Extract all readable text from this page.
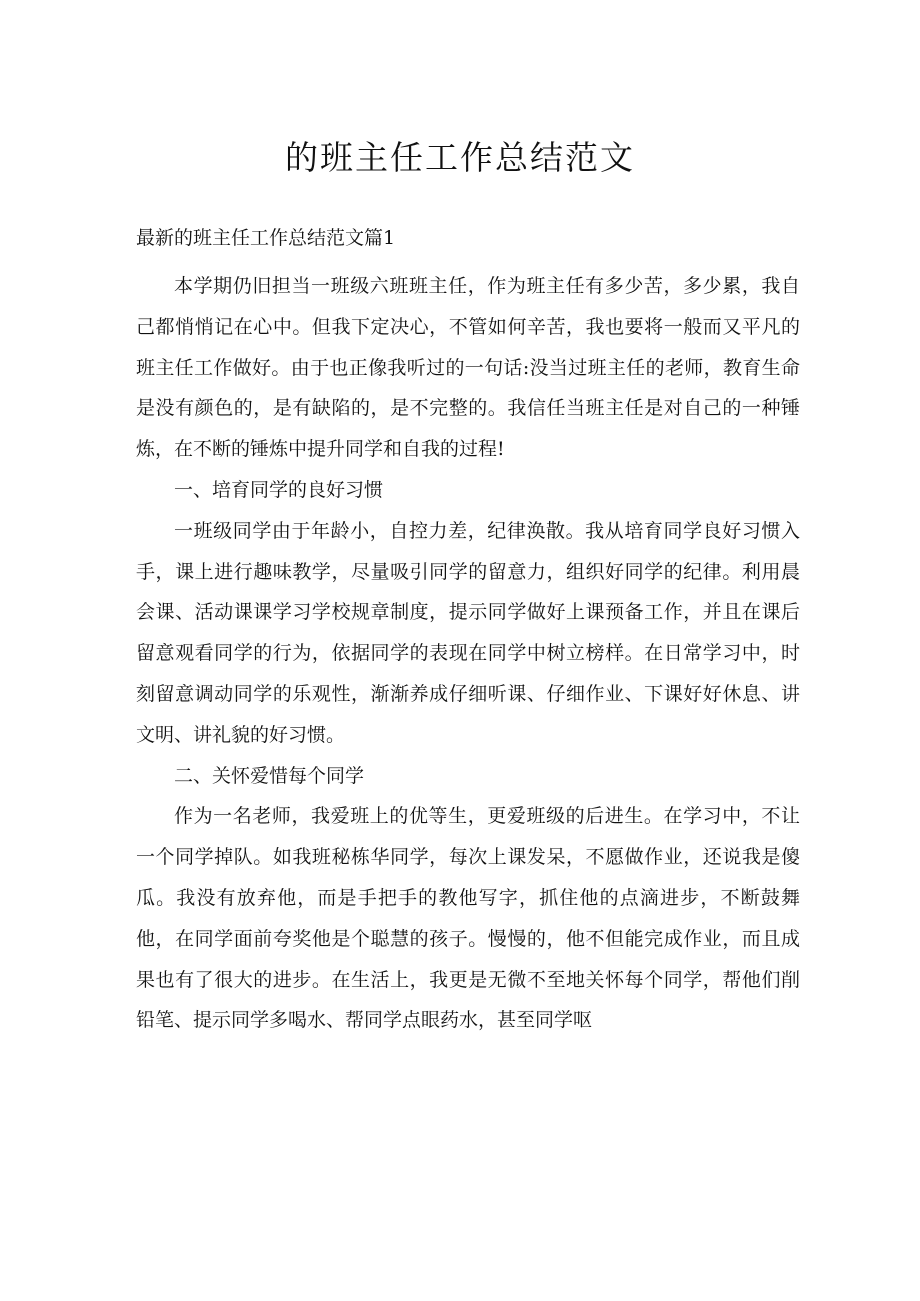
的班主任工作总结范文
最新的班主任工作总结范文篇1

本学期仍旧担当一班级六班班主任，作为班主任有多少苦，多少累，我自己都悄悄记在心中。但我下定决心，不管如何辛苦，我也要将一般而又平凡的班主任工作做好。由于也正像我听过的一句话:没当过班主任的老师，教育生命是没有颜色的，是有缺陷的，是不完整的。我信任当班主任是对自己的一种锤炼，在不断的锤炼中提升同学和自我的过程!

一、培育同学的良好习惯

一班级同学由于年龄小，自控力差，纪律涣散。我从培育同学良好习惯入手，课上进行趣味教学，尽量吸引同学的留意力，组织好同学的纪律。利用晨会课、活动课课学习学校规章制度，提示同学做好上课预备工作，并且在课后留意观看同学的行为，依据同学的表现在同学中树立榜样。在日常学习中，时刻留意调动同学的乐观性，渐渐养成仔细听课、仔细作业、下课好好休息、讲文明、讲礼貌的好习惯。

二、关怀爱惜每个同学

作为一名老师，我爱班上的优等生，更爱班级的后进生。在学习中，不让一个同学掉队。如我班秘栋华同学，每次上课发呆，不愿做作业，还说我是傻瓜。我没有放弃他，而是手把手的教他写字，抓住他的点滴进步，不断鼓舞他，在同学面前夸奖他是个聪慧的孩子。慢慢的，他不但能完成作业，而且成果也有了很大的进步。在生活上，我更是无微不至地关怀每个同学，帮他们削铅笔、提示同学多喝水、帮同学点眼药水，甚至同学呕
